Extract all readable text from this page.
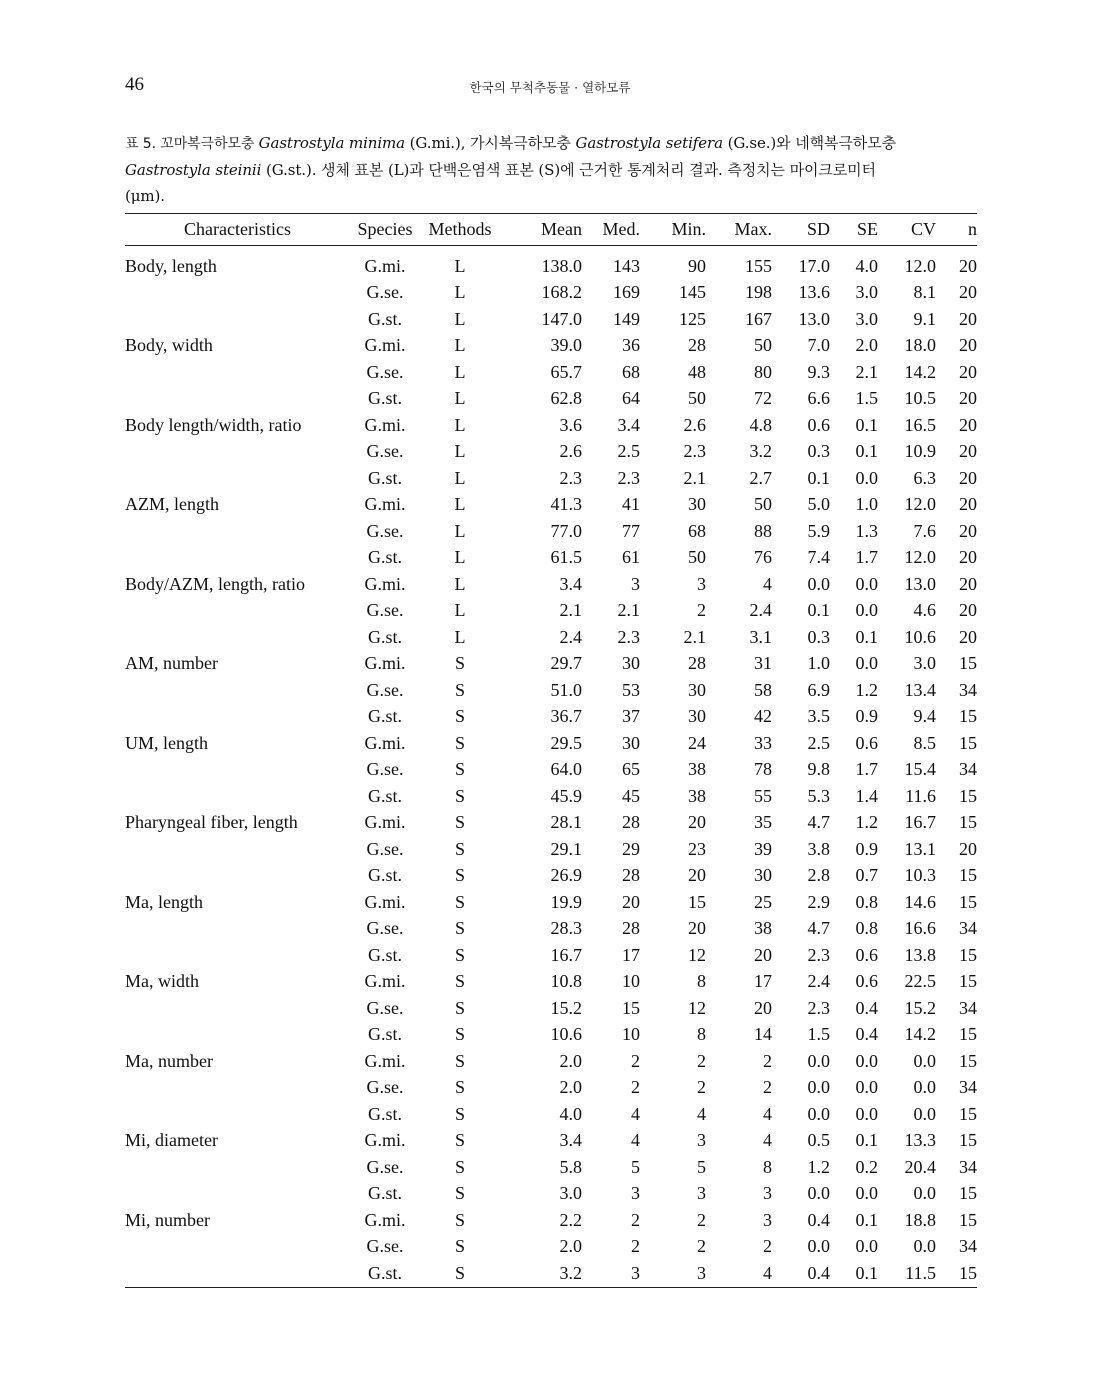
46	한국의 무척추동물 · 열하모류
표 5. 꼬마복극하모충 Gastrostyla minima (G.mi.), 가시복극하모충 Gastrostyla setifera (G.se.)와 네핵복극하모충
Gastrostyla steinii (G.st.). 생체 표본 (L)과 단백은염색 표본 (S)에 근거한 통계처리 결과. 측정치는 마이크로미터
(μm).
Characteristics	Species	Methods	Mean	Med.	Min.	Max.	SD	SE	CV	n
Body, length	G.mi.	L	138.0	143	90	155	17.0	4.0	12.0	20
	G.se.	L	168.2	169	145	198	13.6	3.0	8.1	20
	G.st.	L	147.0	149	125	167	13.0	3.0	9.1	20
Body, width	G.mi.	L	39.0	36	28	50	7.0	2.0	18.0	20
	G.se.	L	65.7	68	48	80	9.3	2.1	14.2	20
	G.st.	L	62.8	64	50	72	6.6	1.5	10.5	20
Body length/width, ratio	G.mi.	L	3.6	3.4	2.6	4.8	0.6	0.1	16.5	20
	G.se.	L	2.6	2.5	2.3	3.2	0.3	0.1	10.9	20
	G.st.	L	2.3	2.3	2.1	2.7	0.1	0.0	6.3	20
AZM, length	G.mi.	L	41.3	41	30	50	5.0	1.0	12.0	20
	G.se.	L	77.0	77	68	88	5.9	1.3	7.6	20
	G.st.	L	61.5	61	50	76	7.4	1.7	12.0	20
Body/AZM, length, ratio	G.mi.	L	3.4	3	3	4	0.0	0.0	13.0	20
	G.se.	L	2.1	2.1	2	2.4	0.1	0.0	4.6	20
	G.st.	L	2.4	2.3	2.1	3.1	0.3	0.1	10.6	20
AM, number	G.mi.	S	29.7	30	28	31	1.0	0.0	3.0	15
	G.se.	S	51.0	53	30	58	6.9	1.2	13.4	34
	G.st.	S	36.7	37	30	42	3.5	0.9	9.4	15
UM, length	G.mi.	S	29.5	30	24	33	2.5	0.6	8.5	15
	G.se.	S	64.0	65	38	78	9.8	1.7	15.4	34
	G.st.	S	45.9	45	38	55	5.3	1.4	11.6	15
Pharyngeal fiber, length	G.mi.	S	28.1	28	20	35	4.7	1.2	16.7	15
	G.se.	S	29.1	29	23	39	3.8	0.9	13.1	20
	G.st.	S	26.9	28	20	30	2.8	0.7	10.3	15
Ma, length	G.mi.	S	19.9	20	15	25	2.9	0.8	14.6	15
	G.se.	S	28.3	28	20	38	4.7	0.8	16.6	34
	G.st.	S	16.7	17	12	20	2.3	0.6	13.8	15
Ma, width	G.mi.	S	10.8	10	8	17	2.4	0.6	22.5	15
	G.se.	S	15.2	15	12	20	2.3	0.4	15.2	34
	G.st.	S	10.6	10	8	14	1.5	0.4	14.2	15
Ma, number	G.mi.	S	2.0	2	2	2	0.0	0.0	0.0	15
	G.se.	S	2.0	2	2	2	0.0	0.0	0.0	34
	G.st.	S	4.0	4	4	4	0.0	0.0	0.0	15
Mi, diameter	G.mi.	S	3.4	4	3	4	0.5	0.1	13.3	15
	G.se.	S	5.8	5	5	8	1.2	0.2	20.4	34
	G.st.	S	3.0	3	3	3	0.0	0.0	0.0	15
Mi, number	G.mi.	S	2.2	2	2	3	0.4	0.1	18.8	15
	G.se.	S	2.0	2	2	2	0.0	0.0	0.0	34
	G.st.	S	3.2	3	3	4	0.4	0.1	11.5	15
